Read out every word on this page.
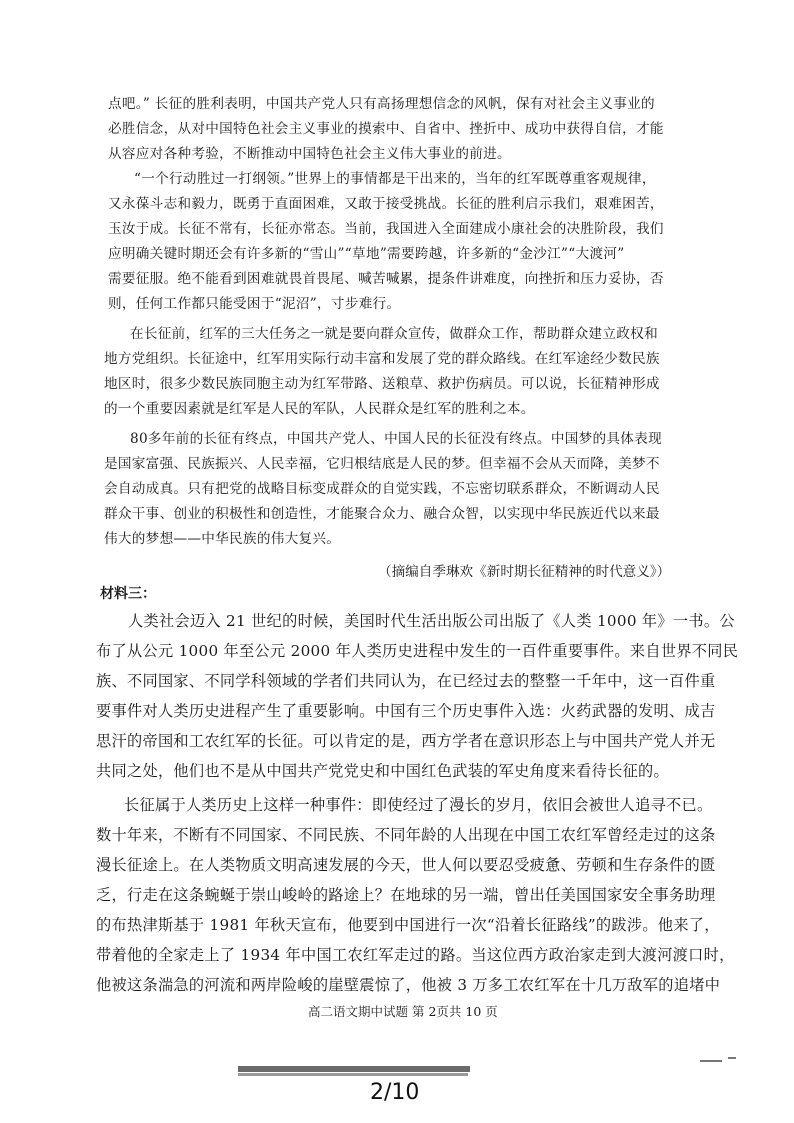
点吧。” 长征的胜利表明，中国共产党人只有高扬理想信念的风帆，保有对社会主义事业的
必胜信念，从对中国特色社会主义事业的摸索中、自省中、挫折中、成功中获得自信，才能
从容应对各种考验，不断推动中国特色社会主义伟大事业的前进。
“一个行动胜过一打纲领。”世界上的事情都是干出来的，当年的红军既尊重客观规律，
又永葆斗志和毅力，既勇于直面困难，又敢于接受挑战。长征的胜利启示我们，艰难困苦，
玉汝于成。长征不常有，长征亦常态。当前，我国进入全面建成小康社会的决胜阶段，我们
应明确关键时期还会有许多新的“雪山”“草地”需要跨越，许多新的“金沙江”“大渡河”
需要征服。绝不能看到困难就畏首畏尾、喊苦喊累，提条件讲难度，向挫折和压力妥协，否
则，任何工作都只能受困于“泥沼”，寸步难行。
在长征前，红军的三大任务之一就是要向群众宣传，做群众工作，帮助群众建立政权和
地方党组织。长征途中，红军用实际行动丰富和发展了党的群众路线。在红军途经少数民族
地区时，很多少数民族同胞主动为红军带路、送粮草、救护伤病员。可以说，长征精神形成
的一个重要因素就是红军是人民的军队，人民群众是红军的胜利之本。
80多年前的长征有终点，中国共产党人、中国人民的长征没有终点。中国梦的具体表现
是国家富强、民族振兴、人民幸福，它归根结底是人民的梦。但幸福不会从天而降，美梦不
会自动成真。只有把党的战略目标变成群众的自觉实践，不忘密切联系群众，不断调动人民
群众干事、创业的积极性和创造性，才能聚合众力、融合众智，以实现中华民族近代以来最
伟大的梦想——中华民族的伟大复兴。
（摘编自季琳欢《新时期长征精神的时代意义》）
材料三：
人类社会迈入 21 世纪的时候，美国时代生活出版公司出版了《人类 1000 年》一书。公
布了从公元 1000 年至公元 2000 年人类历史进程中发生的一百件重要事件。来自世界不同民
族、不同国家、不同学科领域的学者们共同认为，在已经过去的整整一千年中，这一百件重
要事件对人类历史进程产生了重要影响。中国有三个历史事件入选：火药武器的发明、成吉
思汗的帝国和工农红军的长征。可以肯定的是，西方学者在意识形态上与中国共产党人并无
共同之处，他们也不是从中国共产党党史和中国红色武装的军史角度来看待长征的。
长征属于人类历史上这样一种事件：即使经过了漫长的岁月，依旧会被世人追寻不已。
数十年来，不断有不同国家、不同民族、不同年龄的人出现在中国工农红军曾经走过的这条
漫长征途上。在人类物质文明高速发展的今天，世人何以要忍受疲惫、劳顿和生存条件的匮
乏，行走在这条蜿蜒于崇山峻岭的路途上？在地球的另一端，曾出任美国国家安全事务助理
的布热津斯基于 1981 年秋天宣布，他要到中国进行一次“沿着长征路线”的跋涉。他来了，
带着他的全家走上了 1934 年中国工农红军走过的路。当这位西方政治家走到大渡河渡口时，
他被这条湍急的河流和两岸险峻的崖壁震惊了，他被 3 万多工农红军在十几万敌军的追堵中
高二语文期中试题 第 2页共 10 页
2/10
